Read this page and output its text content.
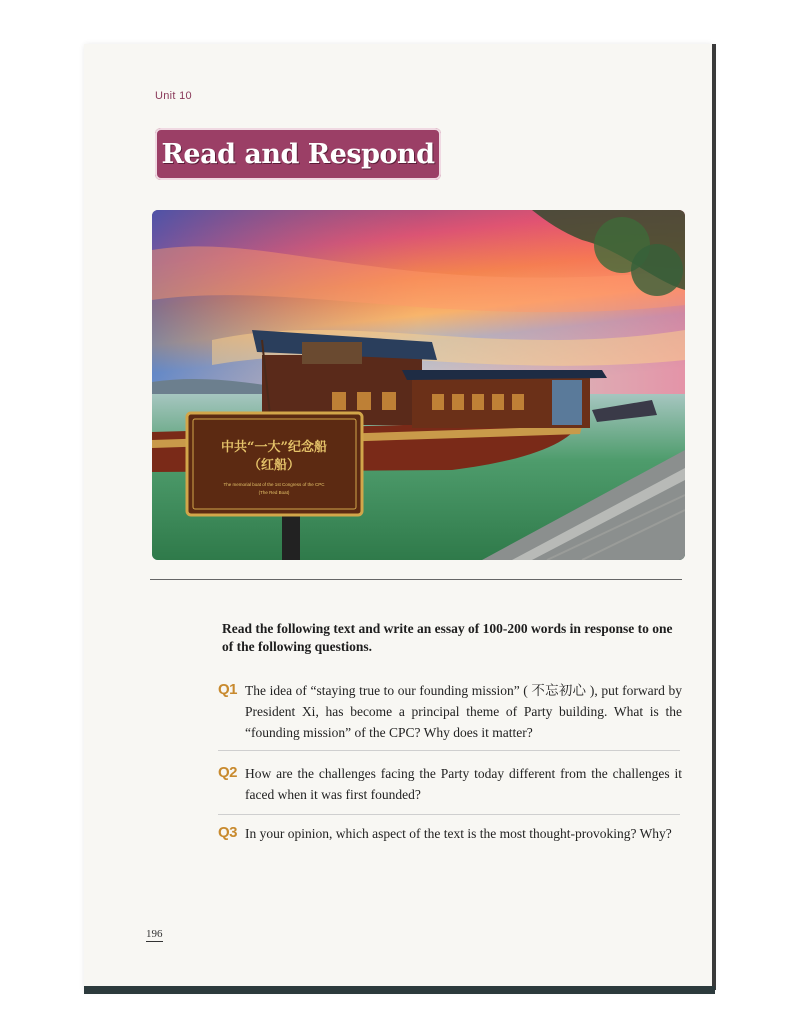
Unit 10
Read and Respond
中共“一大”纪念船
（红船）
The memorial boat of the 1st Congress of the CPC
(The Red Boat)
Read the following text and write an essay of 100-200 words in response to one of the following questions.
Q1 The idea of “staying true to our founding mission” ( 不忘初心 ), put forward by President Xi, has become a principal theme of Party building. What is the “founding mission” of the CPC? Why does it matter?
Q2 How are the challenges facing the Party today different from the challenges it faced when it was first founded?
Q3 In your opinion, which aspect of the text is the most thought-provoking? Why?
196
